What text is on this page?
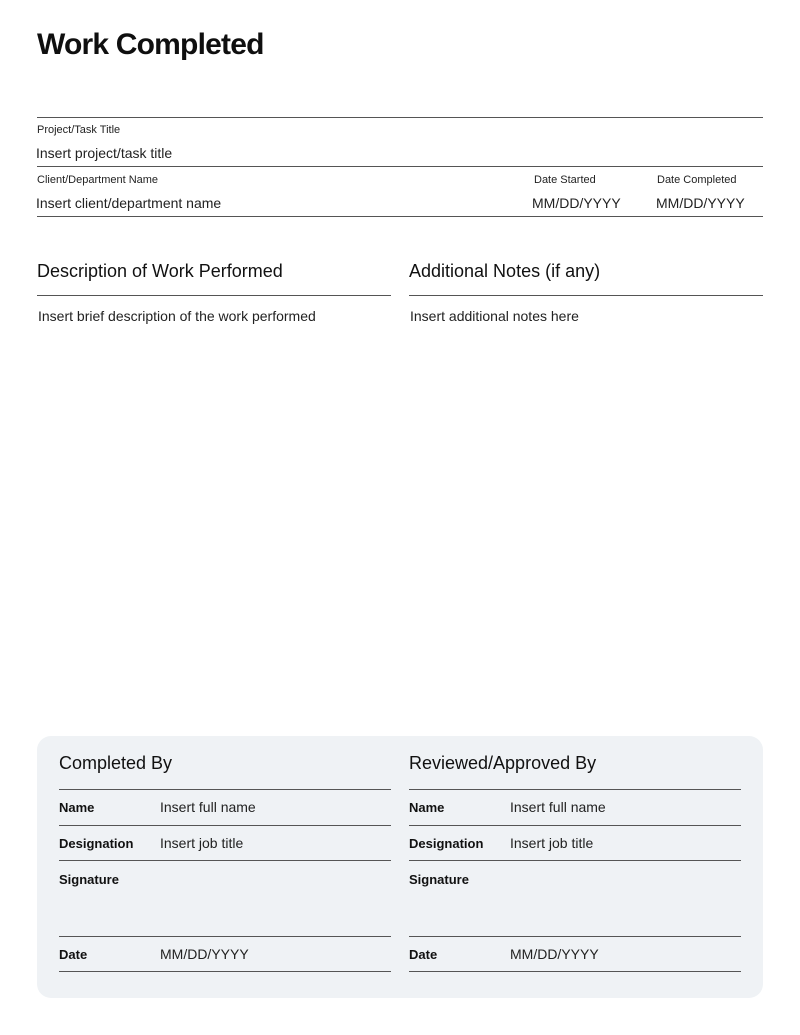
Work Completed
Project/Task Title
Insert project/task title
Client/Department Name
Insert client/department name
Date Started
MM/DD/YYYY
Date Completed
MM/DD/YYYY
Description of Work Performed
Insert brief description of the work performed
Additional Notes (if any)
Insert additional notes here
Completed By
Name	Insert full name
Designation Insert job title
Signature
Date	MM/DD/YYYY
Reviewed/Approved By
Name	Insert full name
Designation Insert job title
Signature
Date	MM/DD/YYYY
